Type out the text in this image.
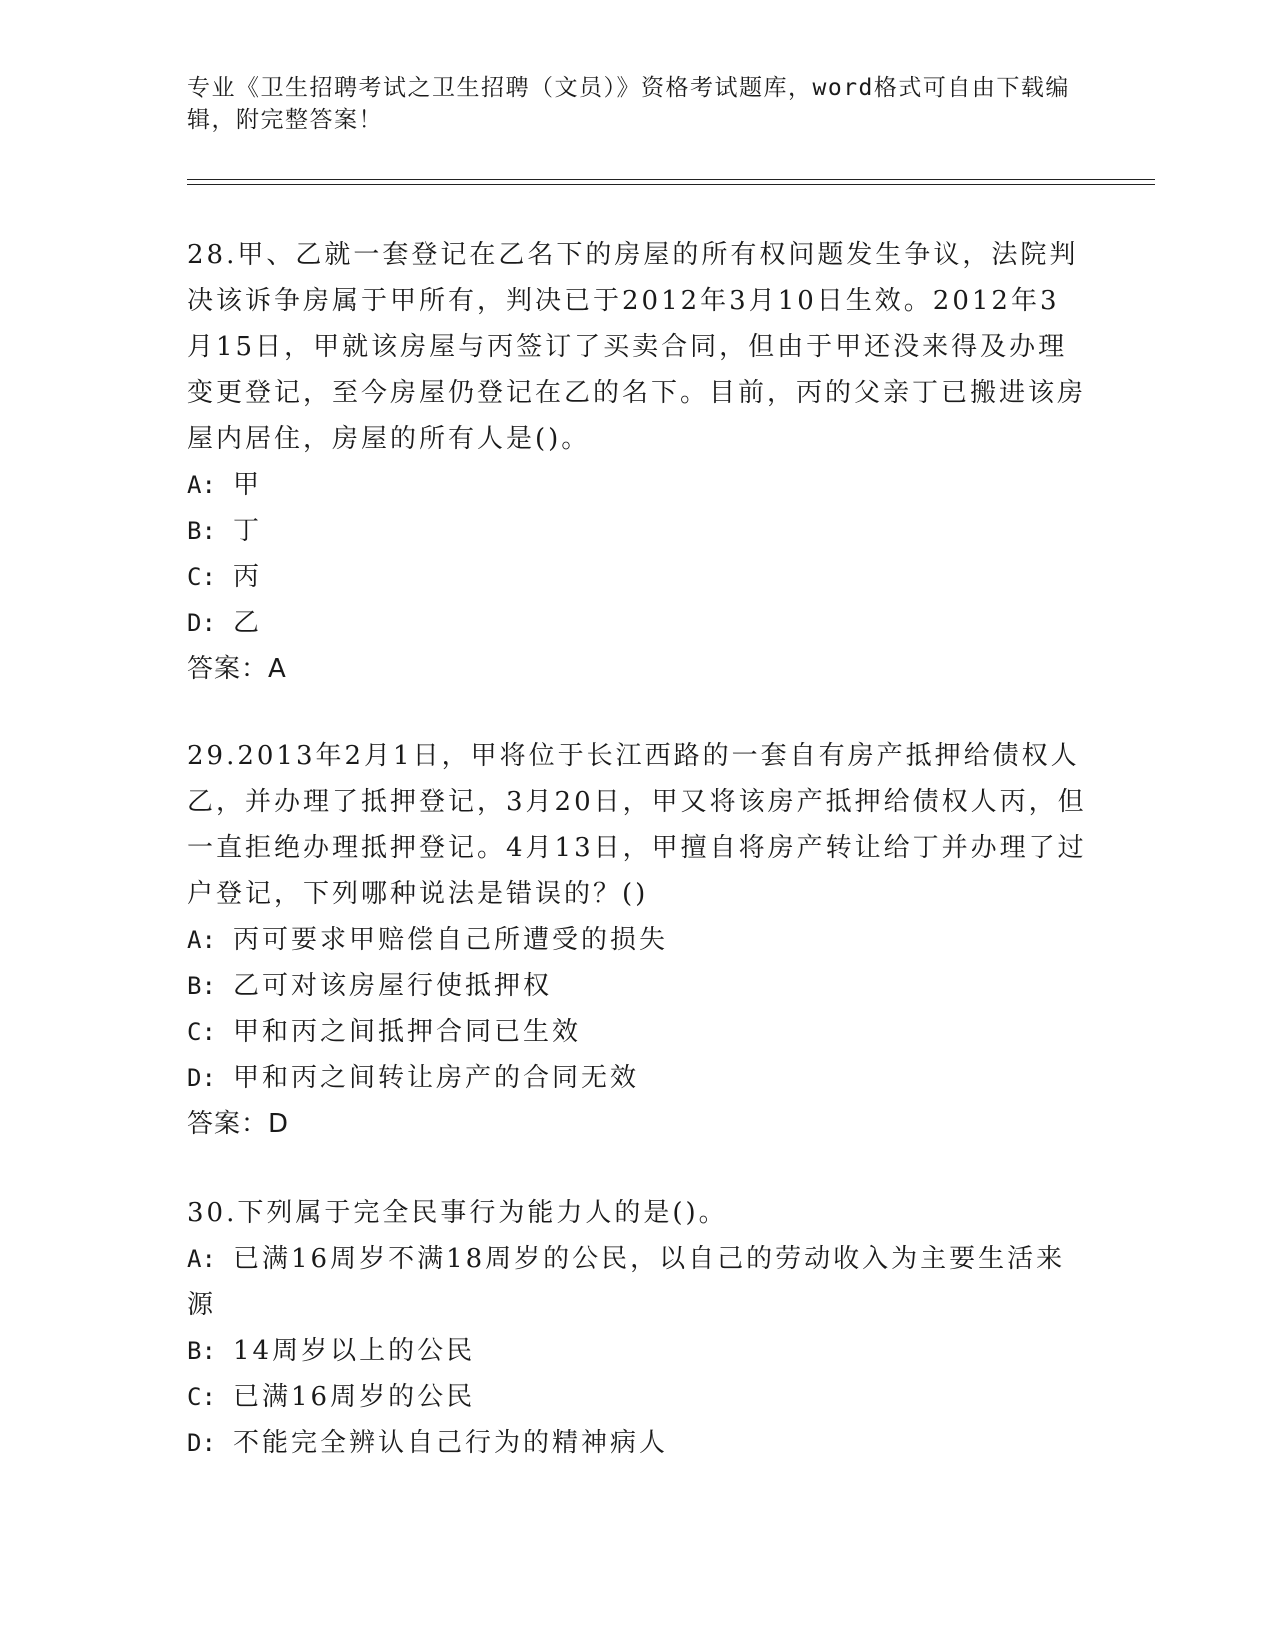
专业《卫生招聘考试之卫生招聘（文员）》资格考试题库，word格式可自由下载编辑，附完整答案！
28.甲、乙就一套登记在乙名下的房屋的所有权问题发生争议，法院判决该诉争房属于甲所有，判决已于2012年3月10日生效。2012年3月15日，甲就该房屋与丙签订了买卖合同，但由于甲还没来得及办理变更登记，至今房屋仍登记在乙的名下。目前，丙的父亲丁已搬进该房屋内居住，房屋的所有人是()。
A: 甲
B: 丁
C: 丙
D: 乙
答案：A
29.2013年2月1日，甲将位于长江西路的一套自有房产抵押给债权人乙，并办理了抵押登记，3月20日，甲又将该房产抵押给债权人丙，但一直拒绝办理抵押登记。4月13日，甲擅自将房产转让给丁并办理了过户登记，下列哪种说法是错误的？()
A: 丙可要求甲赔偿自己所遭受的损失
B: 乙可对该房屋行使抵押权
C: 甲和丙之间抵押合同已生效
D: 甲和丙之间转让房产的合同无效
答案：D
30.下列属于完全民事行为能力人的是()。
A: 已满16周岁不满18周岁的公民，以自己的劳动收入为主要生活来源
B: 14周岁以上的公民
C: 已满16周岁的公民
D: 不能完全辨认自己行为的精神病人
